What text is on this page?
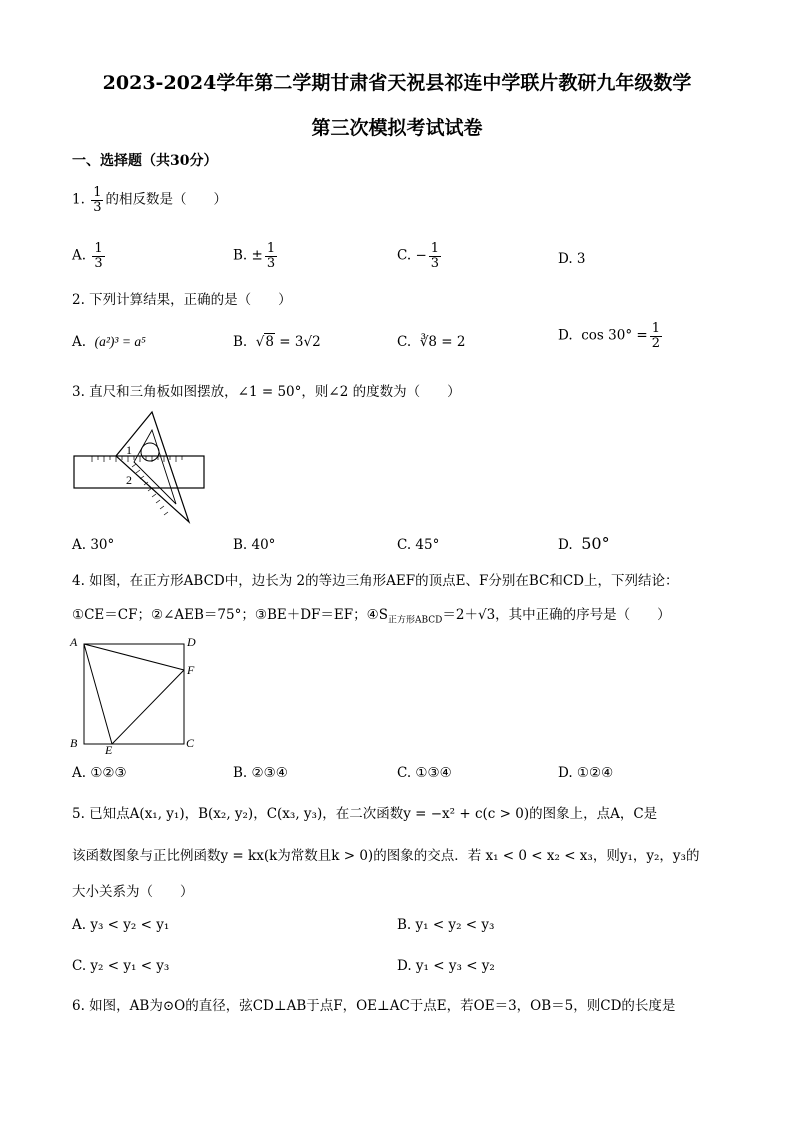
2023-2024学年第二学期甘肃省天祝县祁连中学联片教研九年级数学
第三次模拟考试试卷
一、选择题（共30分）
1. $\frac{1}{3}$ 的相反数是（　　）
A. $\frac{1}{3}$	B. ± $\frac{1}{3}$	C. − $\frac{1}{3}$	D. 3
2. 下列计算结果，正确的是（　　）
A. (a²)³ = a⁵	B.  √8 = 3√2	C. ∛8 = 2	D. $\cos 30^\circ = \frac{1}{2}$
3. 直尺和三角板如图摆放，∠1 = 50°，则∠2 的度数为（　　）
1
2
A. 30°	B. 40°	C. 45°	D. 50°
4. 如图，在正方形ABCD中，边长为 2的等边三角形AEF的顶点E、F分别在BC和CD上，下列结论：
①CE＝CF；②∠AEB＝75°；③BE＋DF＝EF；$④S_{正方形ABCD}=2+√3$，其中正确的序号是（　　）
A	D
F
B	C
E
A. ①②③	B. ②③④	C. ①③④	D. ①②④
5. 已知点A(x₁, y₁)，B(x₂, y₂)，C(x₃, y₃)，在二次函数y = −x² + c(c > 0)的图象上，点A，C是
该函数图象与正比例函数y = kx(k为常数且k > 0)的图象的交点．若 x₁ < 0 < x₂ < x₃，则y₁，y₂，y₃的
大小关系为（　　）
A. y₃ < y₂ < y₁	B. y₁ < y₂ < y₃
C. y₂ < y₁ < y₃	D. y₁ < y₃ < y₂
6. 如图，AB为⊙O的直径，弦CD⊥AB于点F，OE⊥AC于点E，若OE＝3，OB＝5，则CD的长度是
